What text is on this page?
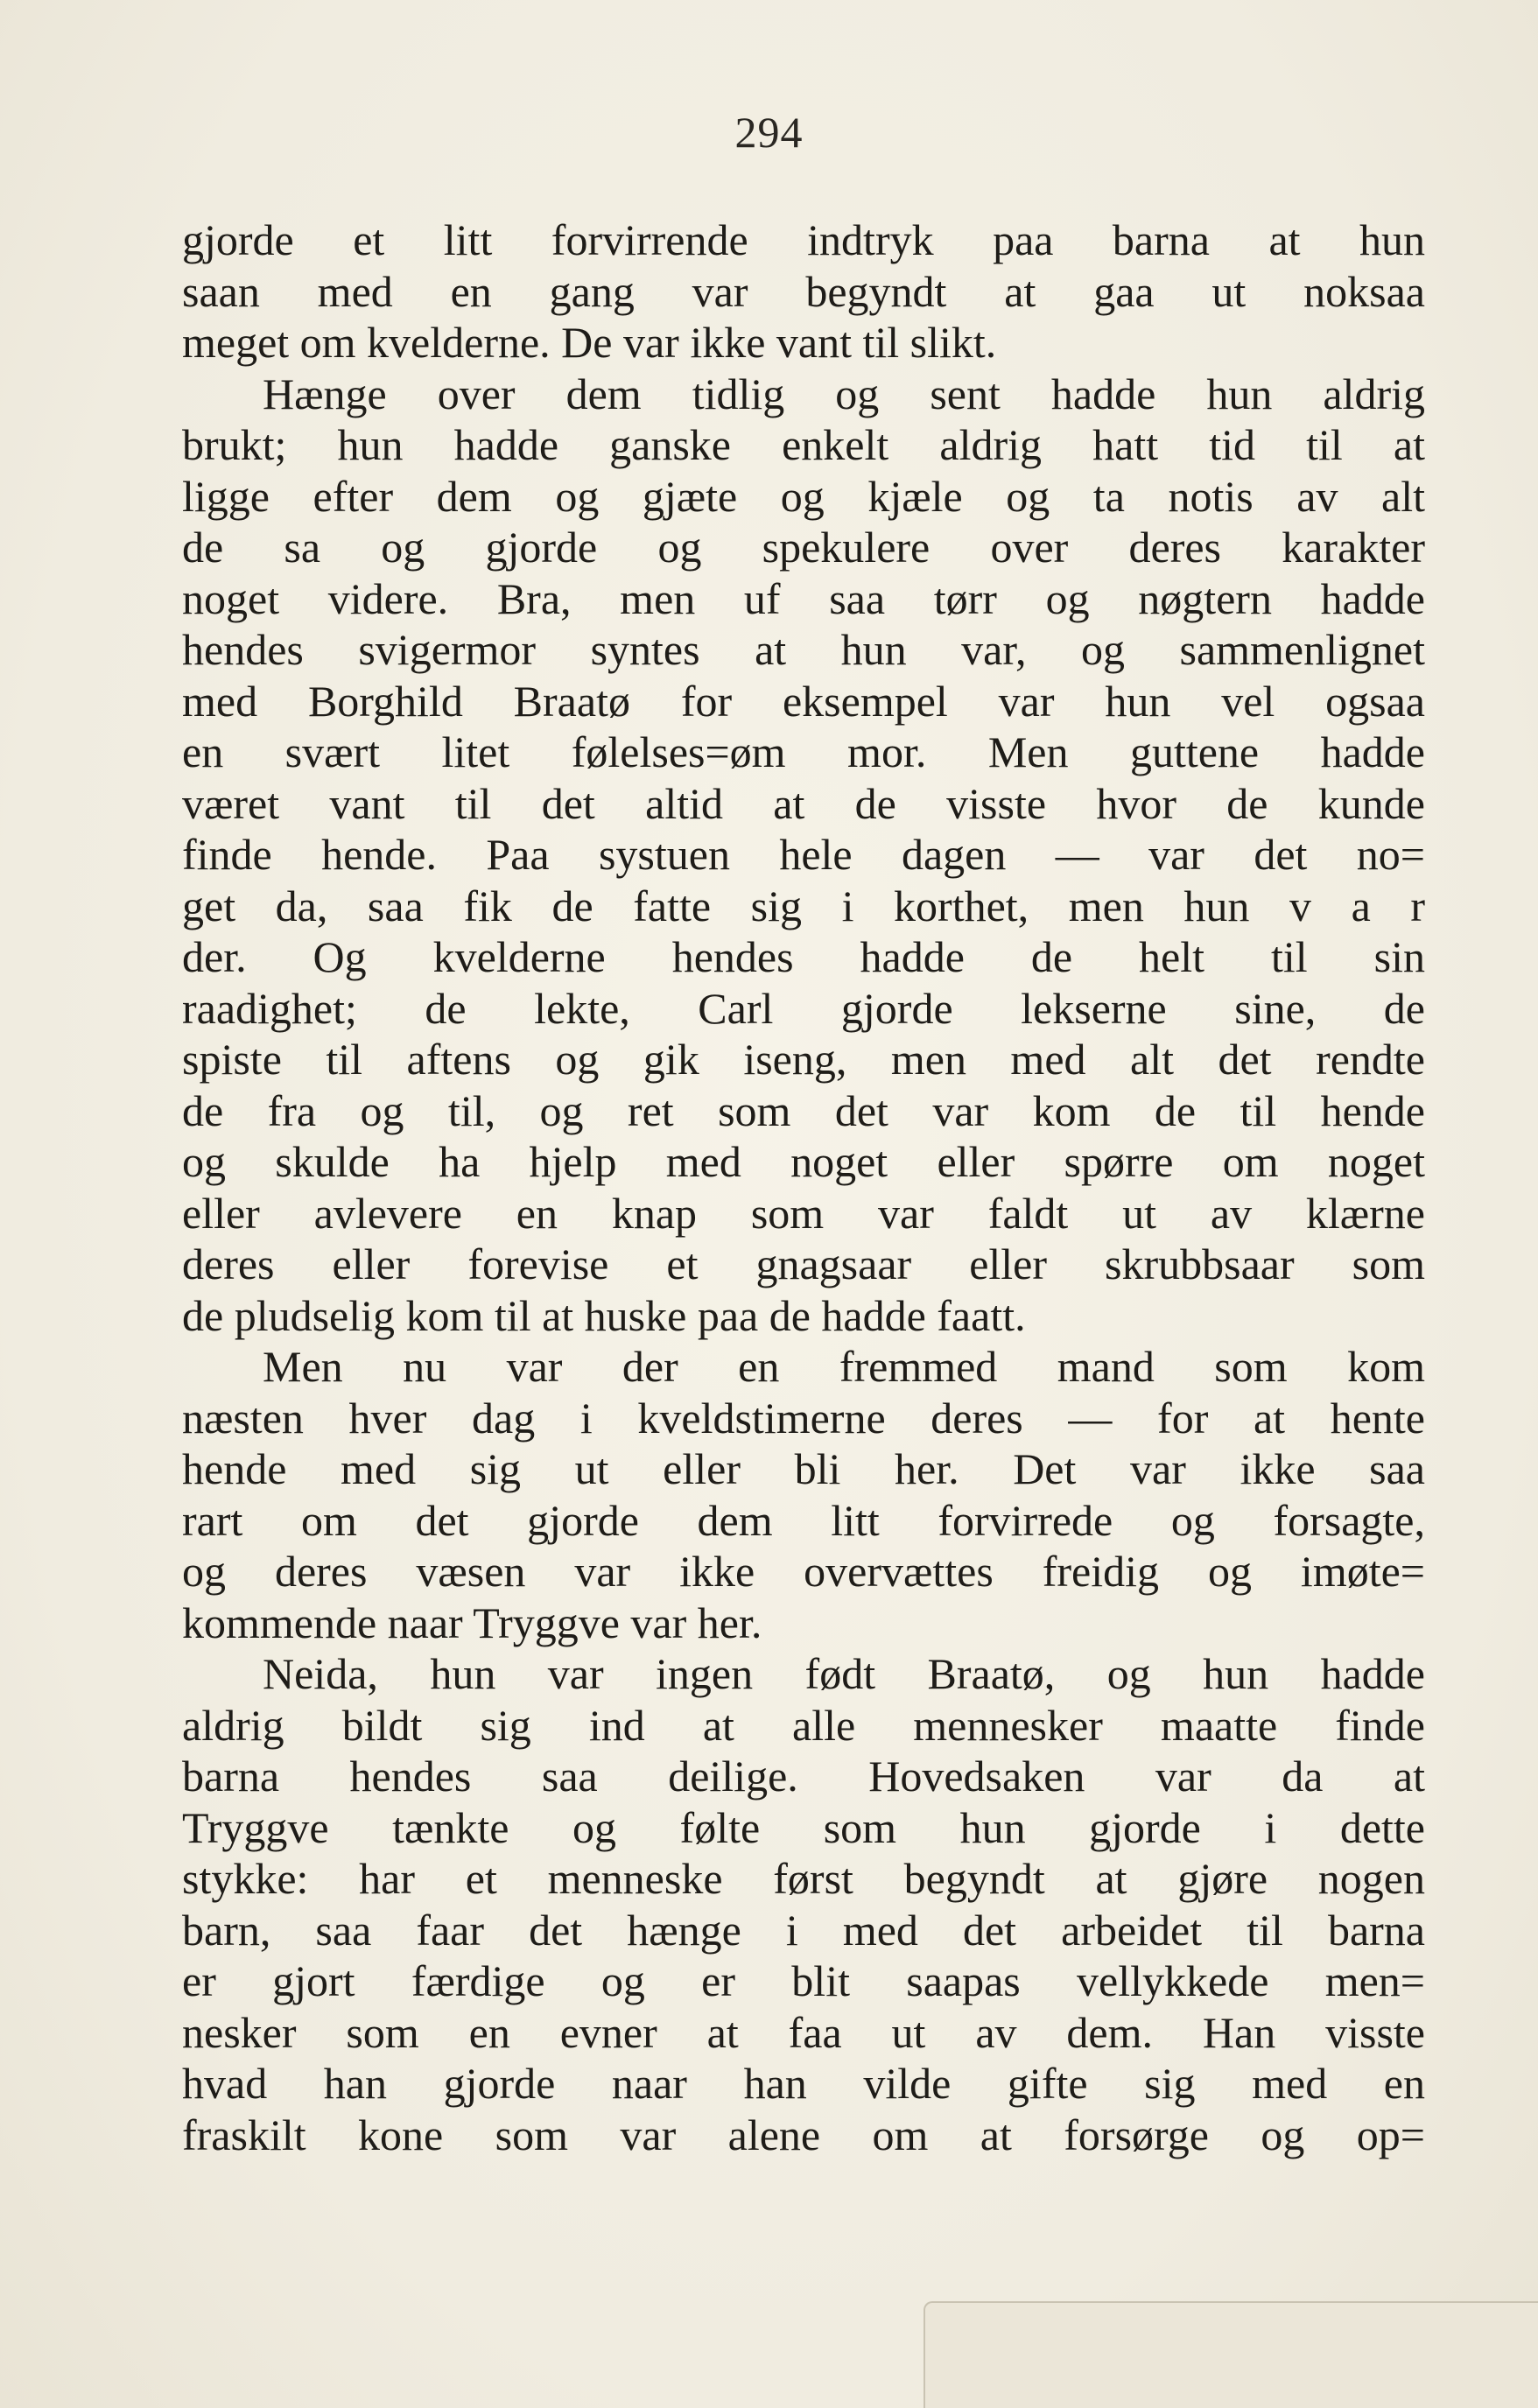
294
gjorde et litt forvirrende indtryk paa barna at hun
saan med en gang var begyndt at gaa ut noksaa
meget om kvelderne. De var ikke vant til slikt.
Hænge over dem tidlig og sent hadde hun aldrig
brukt; hun hadde ganske enkelt aldrig hatt tid til at
ligge efter dem og gjæte og kjæle og ta notis av alt
de sa og gjorde og spekulere over deres karakter
noget videre. Bra, men uf saa tørr og nøgtern hadde
hendes svigermor syntes at hun var, og sammenlignet
med Borghild Braatø for eksempel var hun vel ogsaa
en svært litet følelses=øm mor. Men guttene hadde
været vant til det altid at de visste hvor de kunde
finde hende. Paa systuen hele dagen — var det no=
get da, saa fik de fatte sig i korthet, men hun v a r
der. Og kvelderne hendes hadde de helt til sin
raadighet; de lekte, Carl gjorde lekserne sine, de
spiste til aftens og gik iseng, men med alt det rendte
de fra og til, og ret som det var kom de til hende
og skulde ha hjelp med noget eller spørre om noget
eller avlevere en knap som var faldt ut av klærne
deres eller forevise et gnagsaar eller skrubbsaar som
de pludselig kom til at huske paa de hadde faatt.
Men nu var der en fremmed mand som kom
næsten hver dag i kveldstimerne deres — for at hente
hende med sig ut eller bli her. Det var ikke saa
rart om det gjorde dem litt forvirrede og forsagte,
og deres væsen var ikke overvættes freidig og imøte=
kommende naar Tryggve var her.
Neida, hun var ingen født Braatø, og hun hadde
aldrig bildt sig ind at alle mennesker maatte finde
barna hendes saa deilige. Hovedsaken var da at
Tryggve tænkte og følte som hun gjorde i dette
stykke: har et menneske først begyndt at gjøre nogen
barn, saa faar det hænge i med det arbeidet til barna
er gjort færdige og er blit saapas vellykkede men=
nesker som en evner at faa ut av dem. Han visste
hvad han gjorde naar han vilde gifte sig med en
fraskilt kone som var alene om at forsørge og op=
